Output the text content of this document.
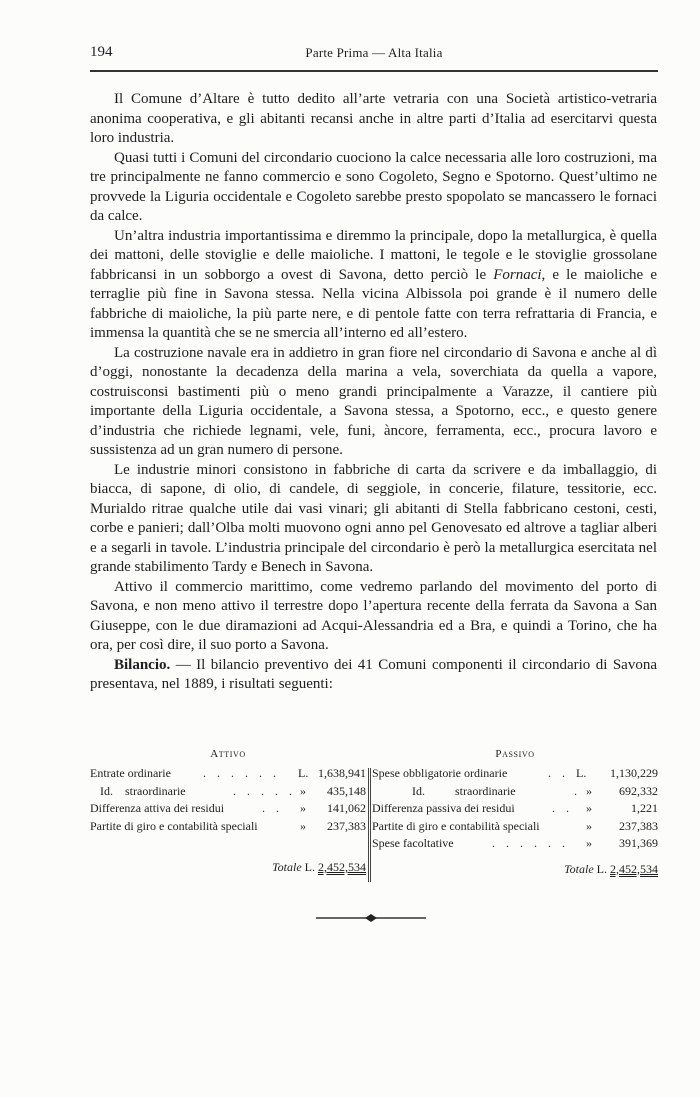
194	Parte Prima — Alta Italia

Il Comune d’Altare è tutto dedito all’arte vetraria con una Società artistico-vetraria anonima cooperativa, e gli abitanti recansi anche in altre parti d’Italia ad esercitarvi questa loro industria.

Quasi tutti i Comuni del circondario cuociono la calce necessaria alle loro costruzioni, ma tre principalmente ne fanno commercio e sono Cogoleto, Segno e Spotorno. Quest’ultimo ne provvede la Liguria occidentale e Cogoleto sarebbe presto spopolato se mancassero le fornaci da calce.

Un’altra industria importantissima e diremmo la principale, dopo la metallurgica, è quella dei mattoni, delle stoviglie e delle maioliche. I mattoni, le tegole e le stoviglie grossolane fabbricansi in un sobborgo a ovest di Savona, detto perciò le Fornaci, e le maioliche e terraglie più fine in Savona stessa. Nella vicina Albissola poi grande è il numero delle fabbriche di maioliche, la più parte nere, e di pentole fatte con terra refrattaria di Francia, e immensa la quantità che se ne smercia all’interno ed all’estero.

La costruzione navale era in addietro in gran fiore nel circondario di Savona e anche al dì d’oggi, nonostante la decadenza della marina a vela, soverchiata da quella a vapore, costruisconsi bastimenti più o meno grandi principalmente a Varazze, il cantiere più importante della Liguria occidentale, a Savona stessa, a Spotorno, ecc., e questo genere d’industria che richiede legnami, vele, funi, àncore, ferramenta, ecc., procura lavoro e sussistenza ad un gran numero di persone.

Le industrie minori consistono in fabbriche di carta da scrivere e da imballaggio, di biacca, di sapone, di olio, di candele, di seggiole, in concerie, filature, tessitorie, ecc. Murialdo ritrae qualche utile dai vasi vinari; gli abitanti di Stella fabbricano cestoni, cesti, corbe e panieri; dall’Olba molti muovono ogni anno pel Genovesato ed altrove a tagliar alberi e a segarli in tavole. L’industria principale del circondario è però la metallurgica esercitata nel grande stabilimento Tardy e Benech in Savona.

Attivo il commercio marittimo, come vedremo parlando del movimento del porto di Savona, e non meno attivo il terrestre dopo l’apertura recente della ferrata da Savona a San Giuseppe, con le due diramazioni ad Acqui-Alessandria ed a Bra, e quindi a Torino, che ha ora, per così dire, il suo porto a Savona.

Bilancio. — Il bilancio preventivo dei 41 Comuni componenti il circondario di Savona presentava, nel 1889, i risultati seguenti:

Attivo
Entrate ordinarie	. . . . . . L. 1,638,941
Id.    straordinarie	. . . . . » 435,148
Differenza attiva dei residui	. . » 141,062
Partite di giro e contabilità speciali	» 237,383
Totale L. 2,452,534
Passivo
Spese obbligatorie ordinarie	. . L. 1,130,229
Id.          straordinarie	. » 692,332
Differenza passiva dei residui	. . »	1,221
Partite di giro e contabilità speciali	» 237,383
Spese facoltative	. . . . . . » 391,369
Totale L. 2,452,534
